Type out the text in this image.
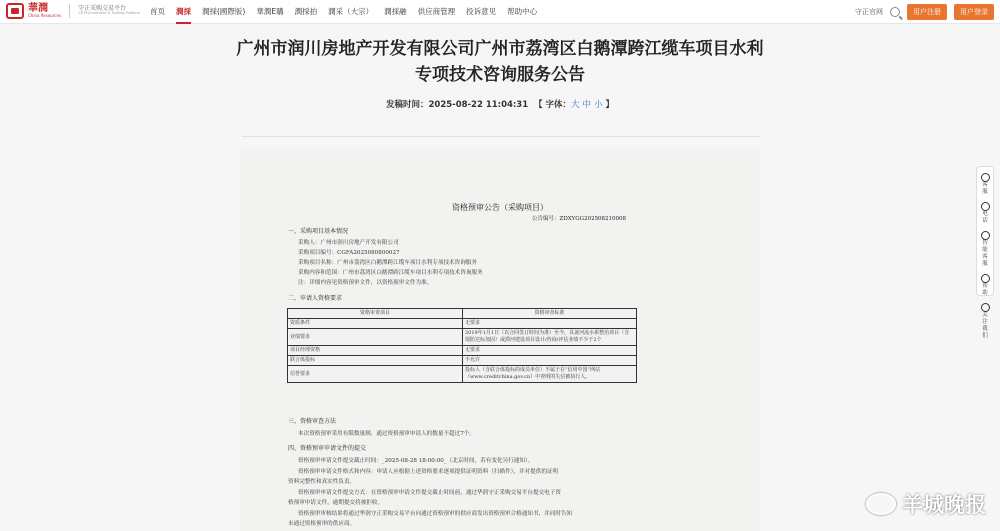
華潤
China Resources
守正采购交易平台
CR Procurement & Trading Platform 首页 潤採 潤採(國際版) 華潤E購 潤採拍 潤采（大宗） 潤採融 供应商管理 投诉意见 帮助中心	守正官网	用户注册	用户登录
广州市润川房地产开发有限公司广州市荔湾区白鹅潭跨江缆车项目水利专项技术咨询服务公告
发稿时间：2025-08-22 11:04:31 【 字体：大 中 小 】
资格预审公告（采购项目）
公告编号：ZDXYGG202508210008
一、采购项目基本情况
采购人：广州市润川房地产开发有限公司
采购项目编号：CGFA2025080800027
采购项目名称：广州市荔湾区白鹅潭跨江缆车项目水利专项技术咨询服务
采购内容和范围：广州市荔湾区白鹅潭跨江缆车项目水利专项技术咨询服务
注：详细内容见资格预审文件，以资格预审文件为准。
二、申请人资格要求
资格审查项目	资格审查标准
资质条件	无要求
业绩要求	2019年1月1日（以合同签订时间为准）至今，具备河流水系整治项目（含堤防达标加固）或滞河建设项目设计/咨询/评估业绩不少于2个
项目经理资格	无要求
联合体投标	不允许
信誉要求	投标人（含联合体投标的成员单位）不属于在“信用中国”网站（www.creditchina.gov.cn）中查明的失信被执行人。
三、资格审查方法
本次资格预审采用有限数量制，通过资格预审申请人的数量不超过7个。
四、资格预审申请文件的提交
资格预审申请文件提交截止时间：_2025-08-28 18:00:00_（北京时间，若有变化另行通知）。
资格预审申请文件格式和内容：申请人应根据上述资格要求逐项提供证明资料（扫描件），并对提供的证明
资料完整性和真实性负责。
资格预审申请文件提交方式：在资格预审申请文件提交截止时间前，通过华润守正采购交易平台提交电子资
格预审申请文件，逾期提交将被拒收。
资格预审审核结果将通过华润守正采购交易平台向通过资格预审的供应商发出资格预审合格通知书，并同时告知
未通过资格预审的供应商。
客服
电话
智能客服
帮助
关注我们
羊城晚报
